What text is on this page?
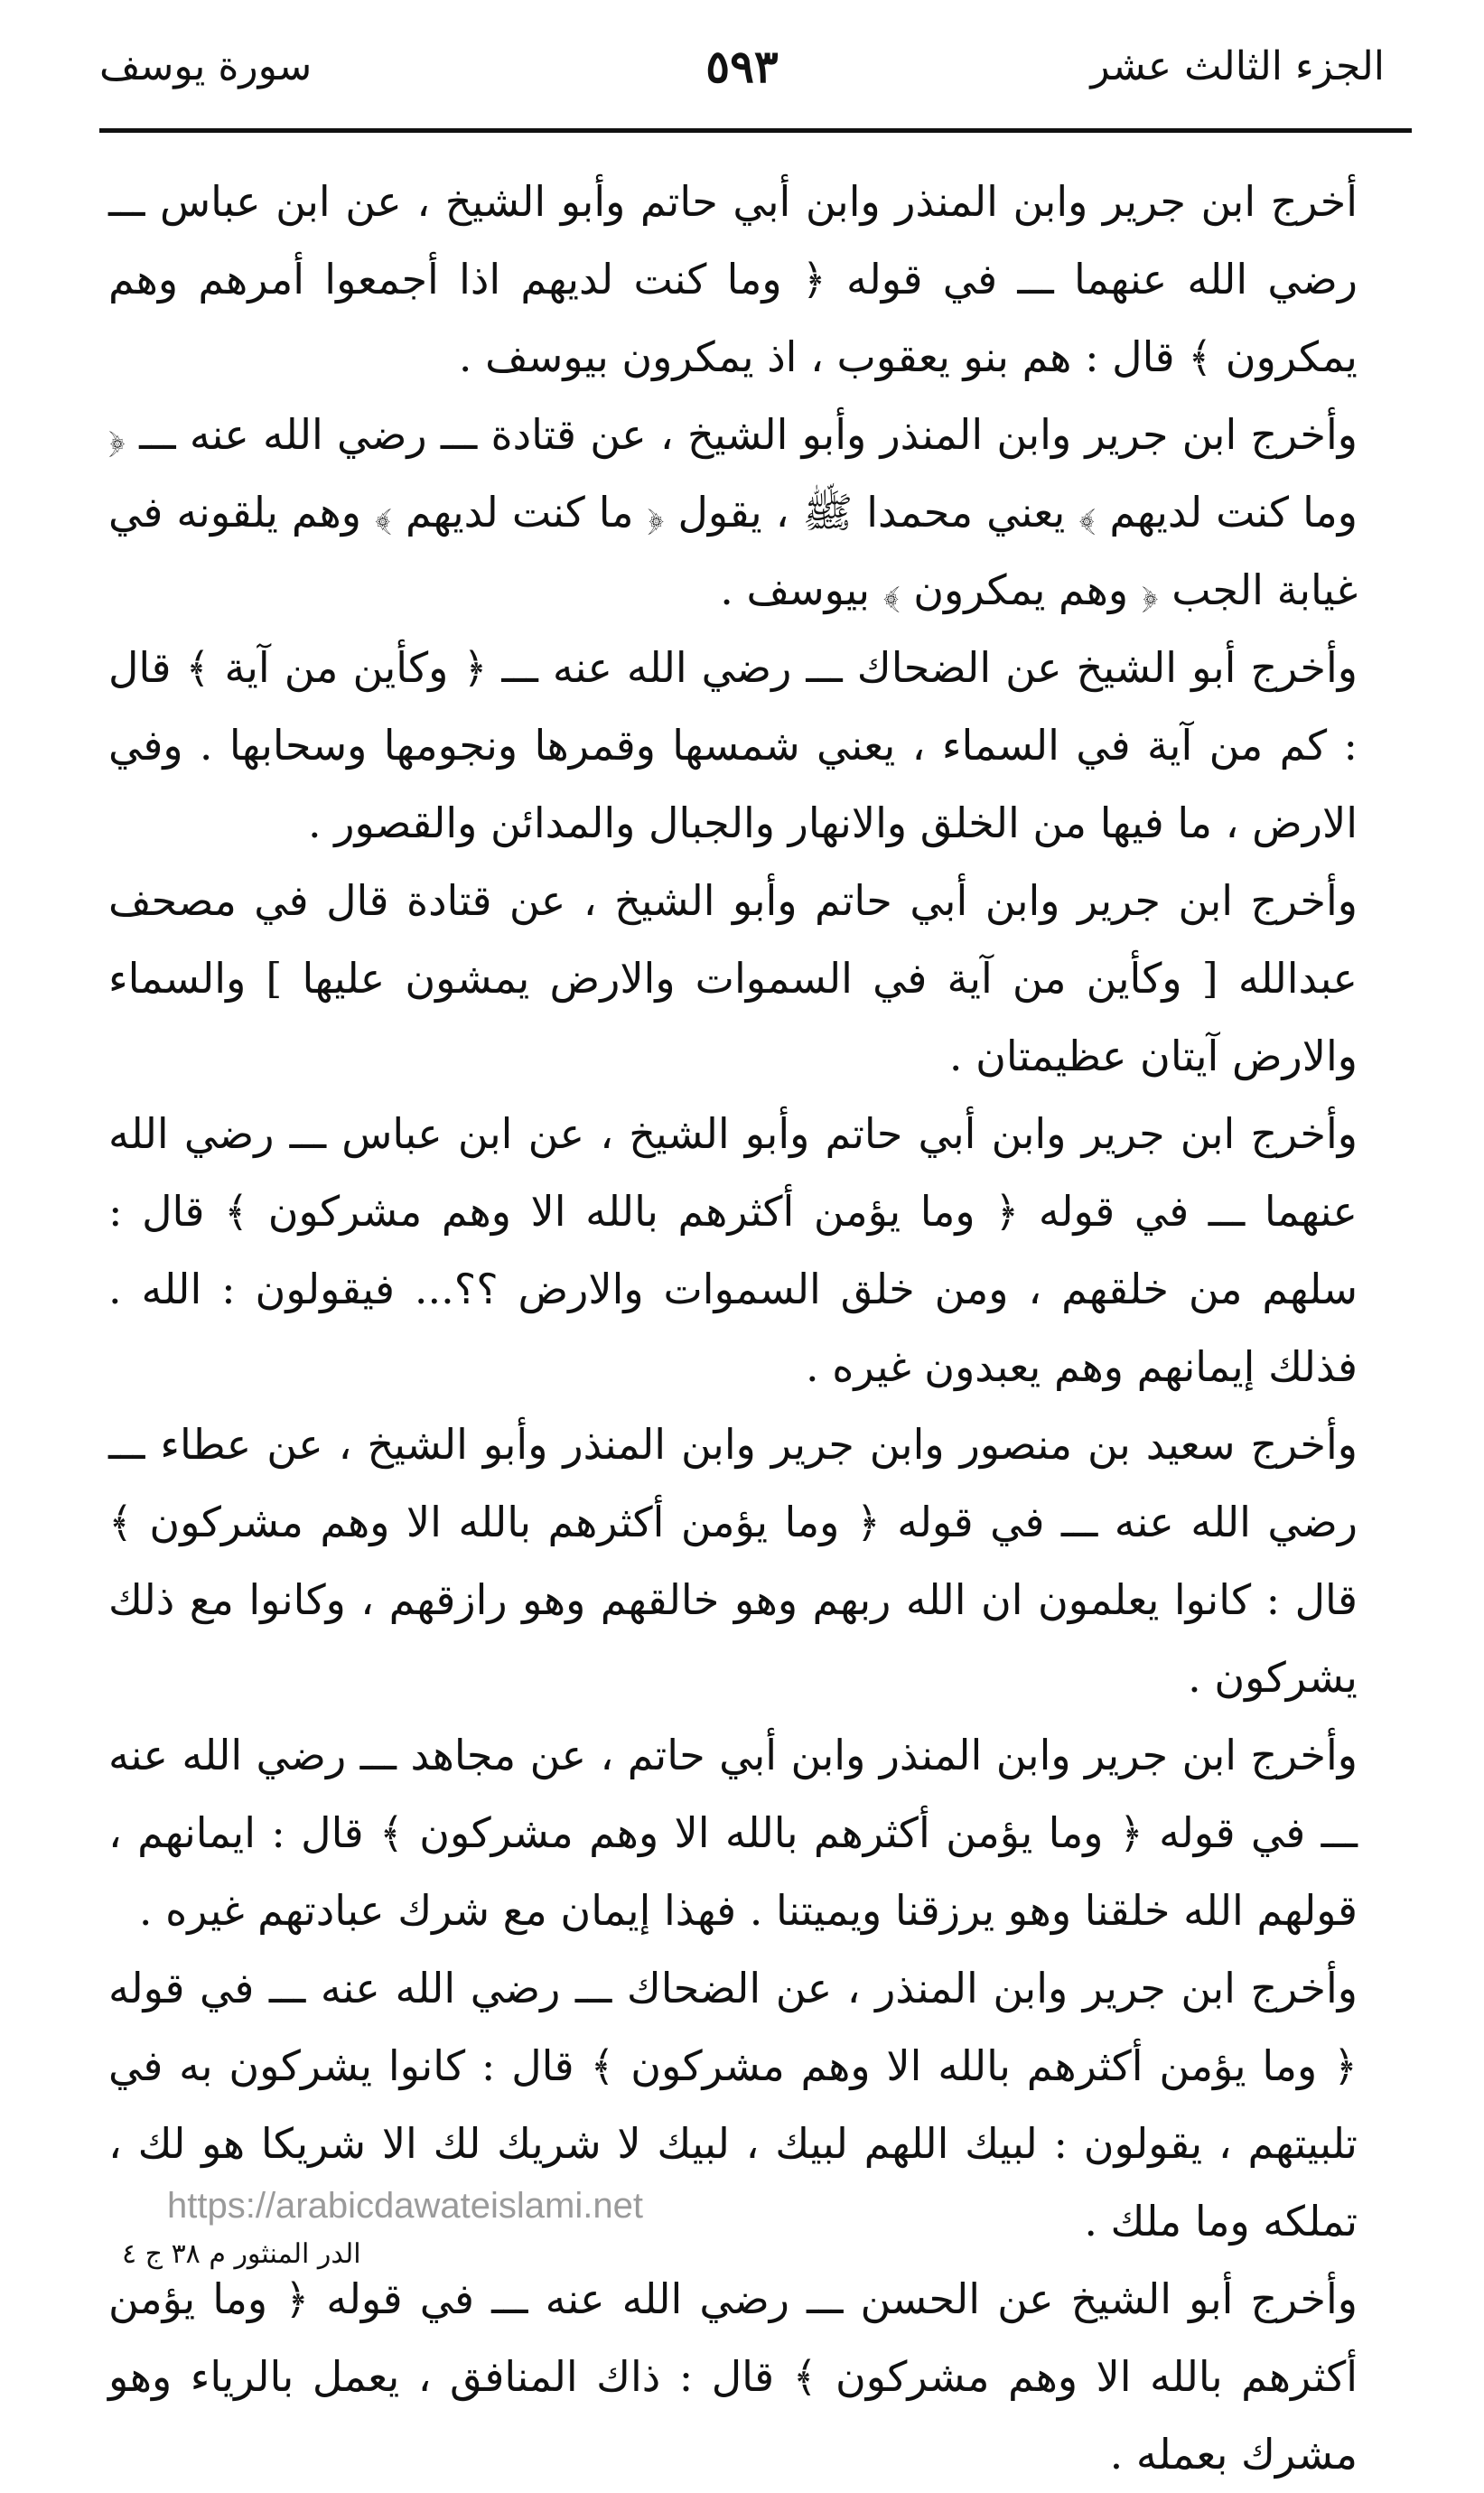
الجزء الثالث عشر
٥٩٣
سورة يوسف

أخرج ابن جرير وابن المنذر وابن أبي حاتم وأبو الشيخ ، عن ابن عباس ـــ رضي الله عنهما ـــ في قوله ﴿ وما كنت لديهم اذا أجمعوا أمرهم وهم يمكرون ﴾ قال : هم بنو يعقوب ، اذ يمكرون بيوسف .

وأخرج ابن جرير وابن المنذر وأبو الشيخ ، عن قتادة ـــ رضي الله عنه ـــ ﴿ وما كنت لديهم ﴾ يعني محمدا ﷺ ، يقول ﴿ ما كنت لديهم ﴾ وهم يلقونه في غيابة الجب ﴿ وهم يمكرون ﴾ بيوسف .

وأخرج أبو الشيخ عن الضحاك ـــ رضي الله عنه ـــ ﴿ وكأين من آية ﴾ قال : كم من آية في السماء ، يعني شمسها وقمرها ونجومها وسحابها . وفي الارض ، ما فيها من الخلق والانهار والجبال والمدائن والقصور .

وأخرج ابن جرير وابن أبي حاتم وأبو الشيخ ، عن قتادة قال في مصحف عبدالله [ وكأين من آية في السموات والارض يمشون عليها ] والسماء والارض آيتان عظيمتان .

وأخرج ابن جرير وابن أبي حاتم وأبو الشيخ ، عن ابن عباس ـــ رضي الله عنهما ـــ في قوله ﴿ وما يؤمن أكثرهم بالله الا وهم مشركون ﴾ قال : سلهم من خلقهم ، ومن خلق السموات والارض ؟؟... فيقولون : الله . فذلك إيمانهم وهم يعبدون غيره .

وأخرج سعيد بن منصور وابن جرير وابن المنذر وأبو الشيخ ، عن عطاء ـــ رضي الله عنه ـــ في قوله ﴿ وما يؤمن أكثرهم بالله الا وهم مشركون ﴾ قال : كانوا يعلمون ان الله ربهم وهو خالقهم وهو رازقهم ، وكانوا مع ذلك يشركون .

وأخرج ابن جرير وابن المنذر وابن أبي حاتم ، عن مجاهد ـــ رضي الله عنه ـــ في قوله ﴿ وما يؤمن أكثرهم بالله الا وهم مشركون ﴾ قال : ايمانهم ، قولهم الله خلقنا وهو يرزقنا ويميتنا . فهذا إيمان مع شرك عبادتهم غيره .

وأخرج ابن جرير وابن المنذر ، عن الضحاك ـــ رضي الله عنه ـــ في قوله ﴿ وما يؤمن أكثرهم بالله الا وهم مشركون ﴾ قال : كانوا يشركون به في تلبيتهم ، يقولون : لبيك اللهم لبيك ، لبيك لا شريك لك الا شريكا هو لك ، تملكه وما ملك .

وأخرج أبو الشيخ عن الحسن ـــ رضي الله عنه ـــ في قوله ﴿ وما يؤمن أكثرهم بالله الا وهم مشركون ﴾ قال : ذاك المنافق ، يعمل بالرياء وهو مشرك بعمله .

https://arabicdawateislami.net
الدر المنثور م ٣٨ ج ٤
